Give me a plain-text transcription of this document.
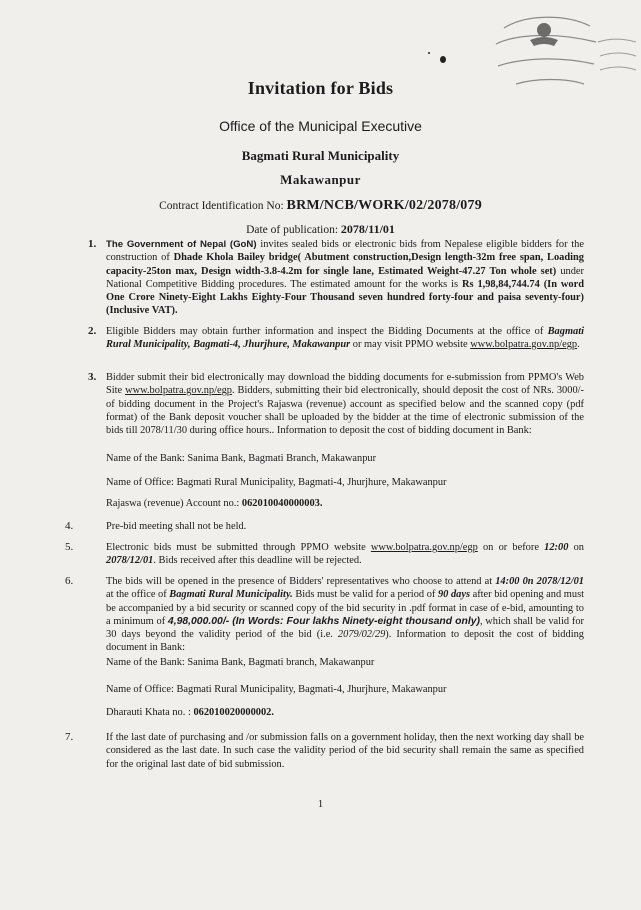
Invitation for Bids
Office of the Municipal Executive
Bagmati Rural Municipality
Makawanpur
Contract Identification No: BRM/NCB/WORK/02/2078/079
Date of publication: 2078/11/01
1. The Government of Nepal (GoN) invites sealed bids or electronic bids from Nepalese eligible bidders for the construction of Dhade Khola Bailey bridge( Abutment construction,Design length-32m free span, Loading capacity-25ton max, Design width-3.8-4.2m for single lane, Estimated Weight-47.27 Ton whole set) under National Competitive Bidding procedures. The estimated amount for the works is Rs 1,98,84,744.74 (In word One Crore Ninety-Eight Lakhs Eighty-Four Thousand seven hundred forty-four and paisa seventy-four) (Inclusive VAT).
2. Eligible Bidders may obtain further information and inspect the Bidding Documents at the office of Bagmati Rural Municipality, Bagmati-4, Jhurjhure, Makawanpur or may visit PPMO website www.bolpatra.gov.np/egp.
3. Bidder submit their bid electronically may download the bidding documents for e-submission from PPMO's Web Site www.bolpatra.gov.np/egp. Bidders, submitting their bid electronically, should deposit the cost of NRs. 3000/- of bidding document in the Project's Rajaswa (revenue) account as specified below and the scanned copy (pdf format) of the Bank deposit voucher shall be uploaded by the bidder at the time of electronic submission of the bids till 2078/11/30 during office hours.. Information to deposit the cost of bidding document in Bank:
Name of the Bank: Sanima Bank, Bagmati Branch, Makawanpur
Name of Office: Bagmati Rural Municipality, Bagmati-4, Jhurjhure, Makawanpur
Rajaswa (revenue) Account no.: 062010040000003.
4.	Pre-bid meeting shall not be held.
5.	Electronic bids must be submitted through PPMO website www.bolpatra.gov.np/egp on or before 12:00 on 2078/12/01. Bids received after this deadline will be rejected.
6.	The bids will be opened in the presence of Bidders' representatives who choose to attend at 14:00 0n 2078/12/01 at the office of Bagmati Rural Municipality. Bids must be valid for a period of 90 days after bid opening and must be accompanied by a bid security or scanned copy of the bid security in .pdf format in case of e-bid, amounting to a minimum of 4,98,000.00/- (In Words: Four lakhs Ninety-eight thousand only), which shall be valid for 30 days beyond the validity period of the bid (i.e. 2079/02/29). Information to deposit the cost of bidding document in Bank:
Name of the Bank: Sanima Bank, Bagmati branch, Makawanpur
Name of Office: Bagmati Rural Municipality, Bagmati-4, Jhurjhure, Makawanpur
Dharauti Khata no. : 062010020000002.
7.	If the last date of purchasing and /or submission falls on a government holiday, then the next working day shall be considered as the last date. In such case the validity period of the bid security shall remain the same as specified for the original last date of bid submission.
1
